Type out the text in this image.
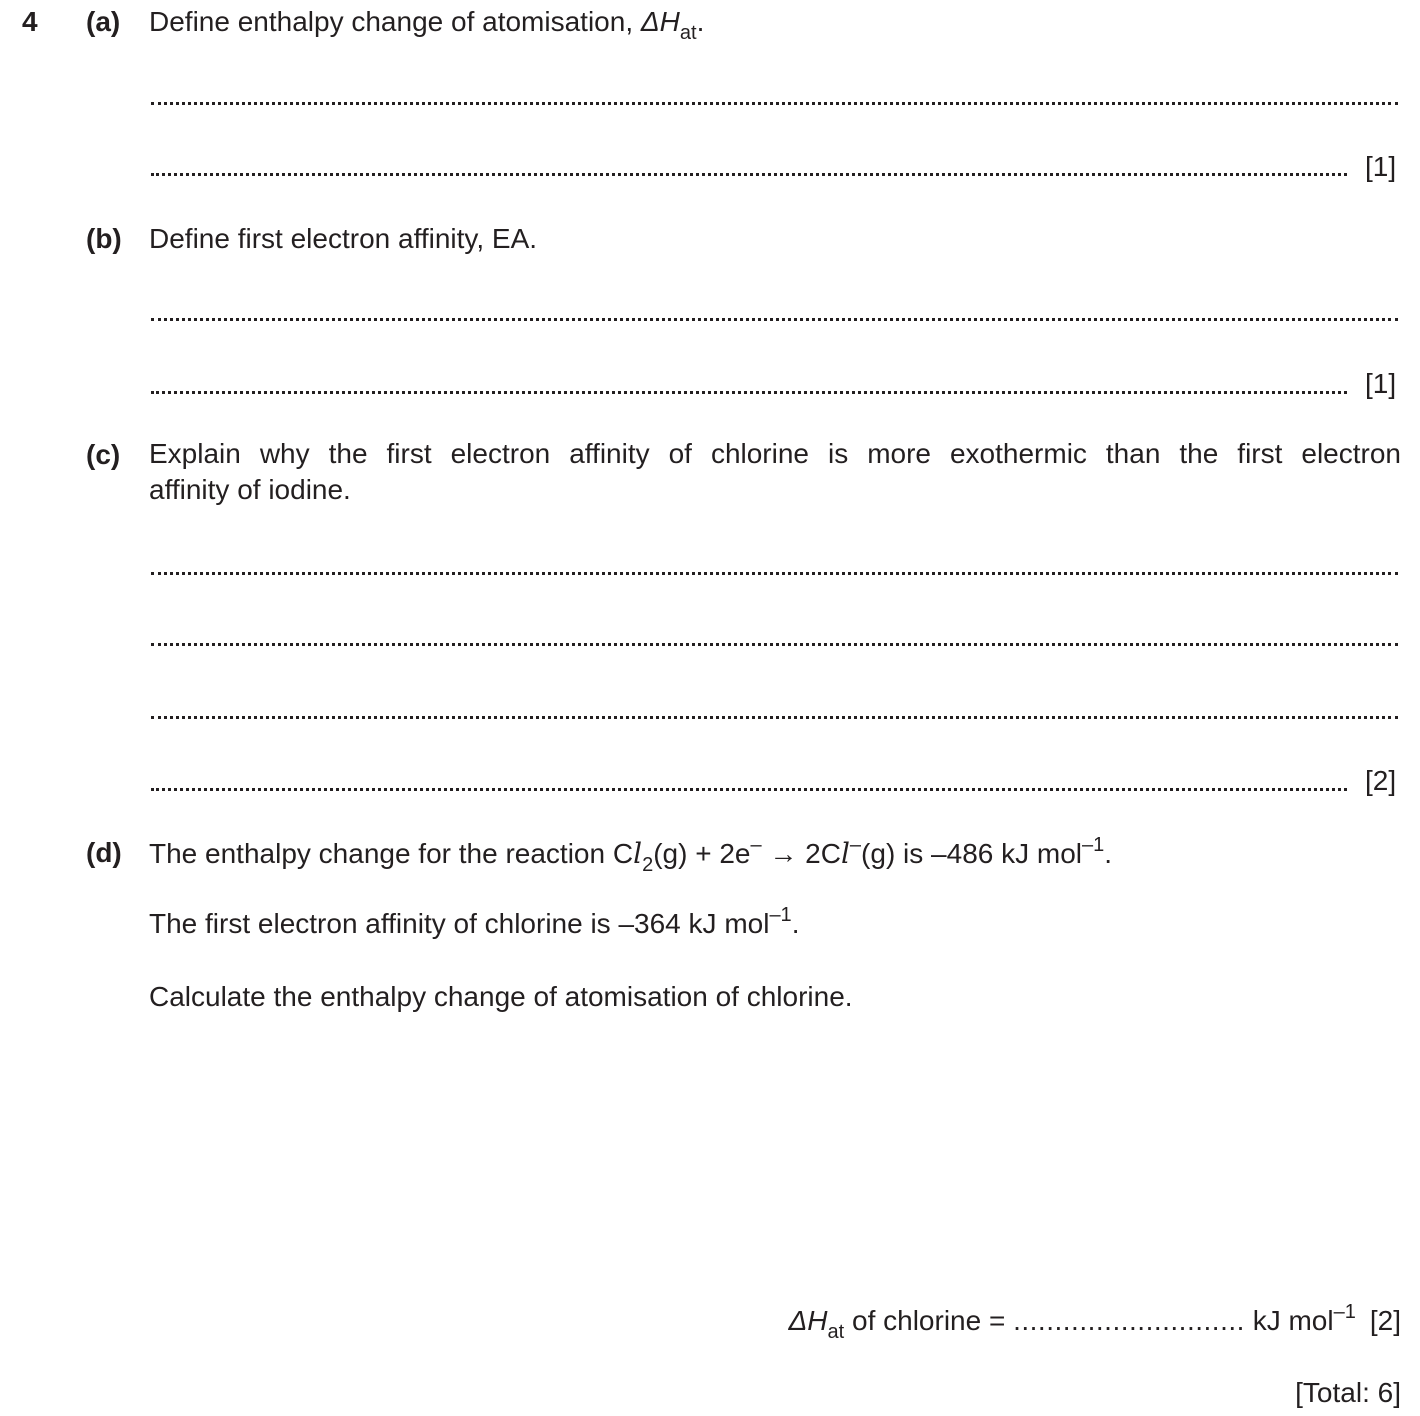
4 (a) Define enthalpy change of atomisation, $\Delta H_{at}$.
[1]
(b) Define first electron affinity, EA.
[1]
(c) Explain why the first electron affinity of chlorine is more exothermic than the first electron
affinity of iodine.
[2]
(d) The enthalpy change for the reaction $Cl_2(g) + 2e^- \to 2Cl^-(g)$ is –486 kJ mol$^{-1}$.
The first electron affinity of chlorine is –364 kJ mol$^{-1}$.
Calculate the enthalpy change of atomisation of chlorine.
$\Delta H_{at}$ of chlorine = ............................ kJ mol$^{-1}$ [2]
[Total: 6]
